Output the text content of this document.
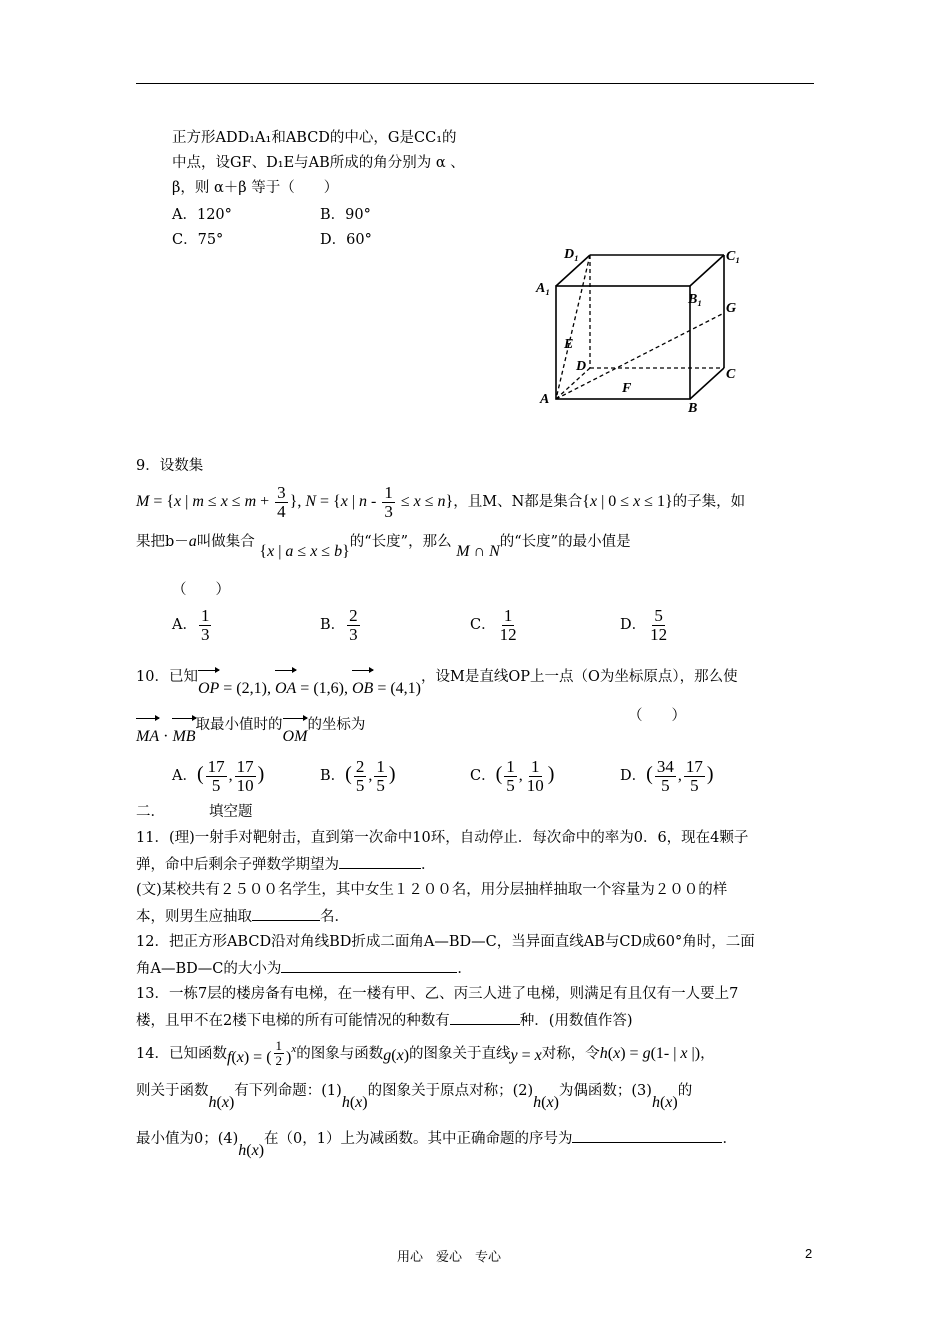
正方形ADD₁A₁和ABCD的中心，G是CC₁的
中点，设GF、D₁E与AB所成的角分别为 α 、
β，则 α＋β 等于（　　）
A．120°	B．90°
C．75°	D．60°
D₁	C₁
A₁
B₁
G
E
D
C
F
A
B
9．设数集
M = {x | $m \le x \le m + \frac{3}{4}$ }, N = {x | $n - \frac{1}{3} \le x \le n$}，且M、N都是集合{x | 0 ≤ x ≤ 1}的子集，如
果把b－a叫做集合 {x | a ≤ x ≤ b}的“长度”，那么 M ∩ N的“长度”的最小值是
（　　）
A． $\frac{1}{3}$	B． $\frac{2}{3}$	C． $\frac{1}{12}$	D． $\frac{5}{12}$
10．已知OP = (2,1), OA = (1,6), OB = (4,1)，设M是直线OP上一点（O为坐标原点），那么使
MA · MB取最小值时的OM的坐标为
（　　）
A．( $\frac{17}{5}$ , $\frac{17}{10}$ )	B．( $\frac{2}{5}$ , $\frac{1}{5}$ )	C．( $\frac{1}{5}$ , $\frac{1}{10}$ )	D．( $\frac{34}{5}$ , $\frac{17}{5}$ )
二．	填空题
11．(理)一射手对靶射击，直到第一次命中10环，自动停止．每次命中的率为0．6，现在4颗子
弹，命中后剩余子弹数学期望为	．
(文)某校共有２５００名学生，其中女生１２００名，用分层抽样抽取一个容量为２００的样
本，则男生应抽取	名．
12．把正方形ABCD沿对角线BD折成二面角A—BD—C，当异面直线AB与CD成60°角时，二面
角A—BD—C的大小为	．
13．一栋7层的楼房备有电梯，在一楼有甲、乙、丙三人进了电梯，则满足有且仅有一人要上7
楼，且甲不在2楼下电梯的所有可能情况的种数有	种．(用数值作答)
14．已知函数f(x) = ( $\frac{1}{2} )^x$的图象与函数g(x)的图象关于直线y = x对称，令h(x) = g(1- | x |)，
则关于函数h(x)有下列命题：(1)h(x)的图象关于原点对称；(2)h(x)为偶函数；(3)h(x)的
最小值为0；(4)h(x)在（0，1）上为减函数。其中正确命题的序号为	．
用心　爱心　专心	2
